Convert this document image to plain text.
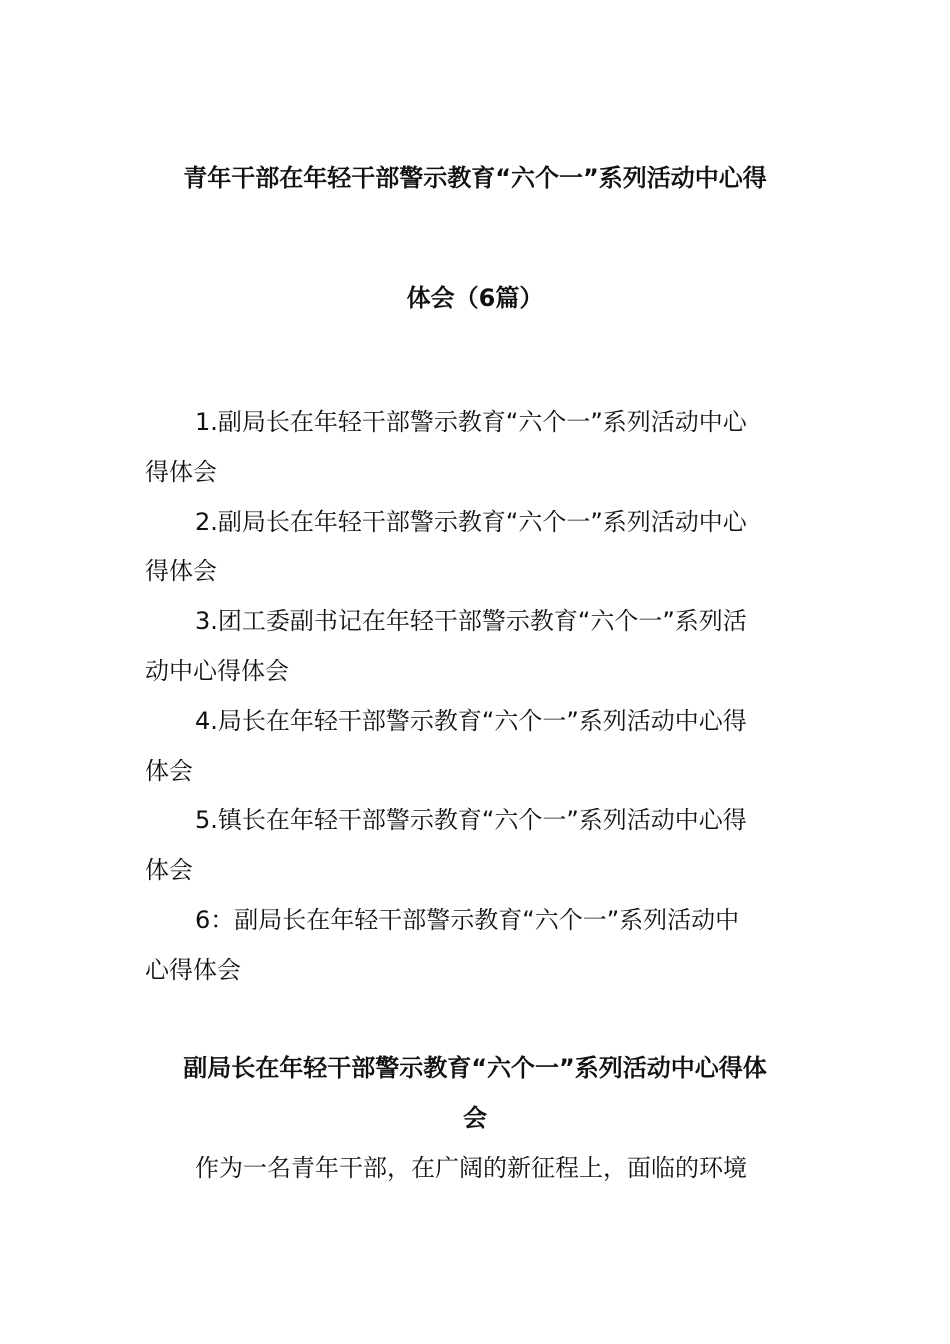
青年干部在年轻干部警示教育“六个一”系列活动中心得
体会（6篇）
1.副局长在年轻干部警示教育“六个一”系列活动中心
得体会
2.副局长在年轻干部警示教育“六个一”系列活动中心
得体会
3.团工委副书记在年轻干部警示教育“六个一”系列活
动中心得体会
4.局长在年轻干部警示教育“六个一”系列活动中心得
体会
5.镇长在年轻干部警示教育“六个一”系列活动中心得
体会
6：副局长在年轻干部警示教育“六个一”系列活动中
心得体会
副局长在年轻干部警示教育“六个一”系列活动中心得体
会
作为一名青年干部，在广阔的新征程上，面临的环境
